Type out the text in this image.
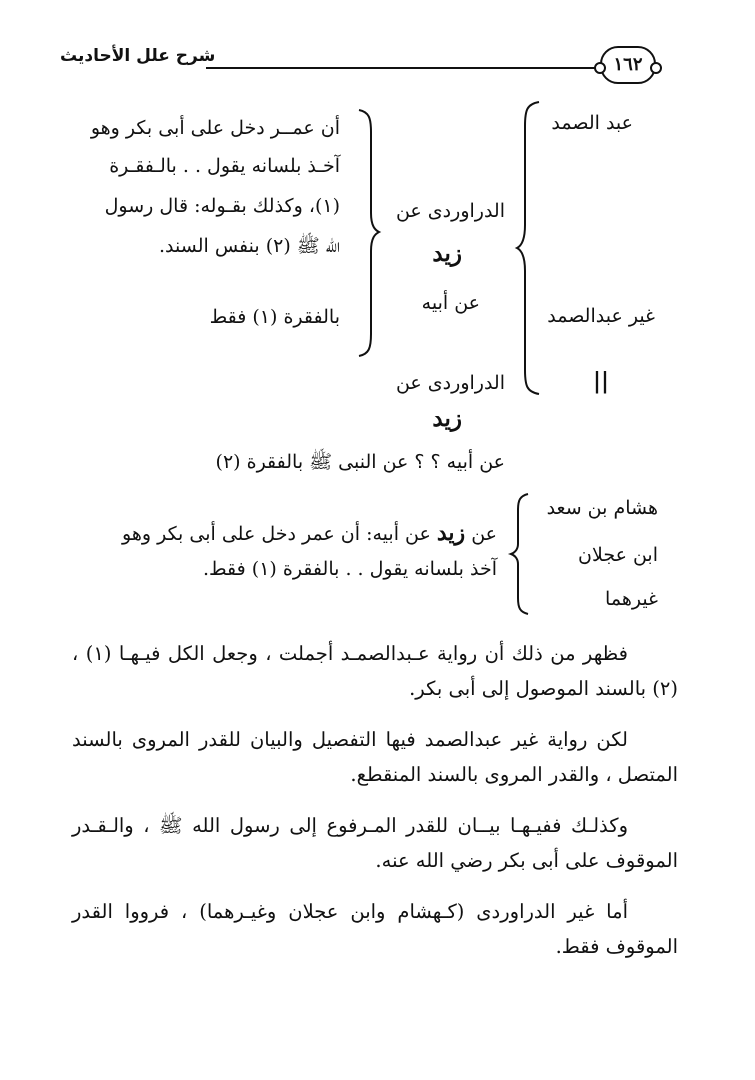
شرح علل الأحاديث	١٦٢
عبد الصمد
غير عبدالصمد
||
الدراوردى عن
زيد
عن أبيه
أن عمــر دخل على أبى بكر وهو
آخـذ بلسانه يقول . . بالـفقـرة
(١)، وكذلك بقـوله: قال رسول
الله ﷺ (٢) بنفس السند.
بالفقرة (١) فقط
الدراوردى عن
زيد
عن أبيه ؟ ؟ عن النبى ﷺ بالفقرة (٢)
هشام بن سعد
ابن عجلان
غيرهما
عن زيد عن أبيه: أن عمر دخل على أبى بكر وهو
آخذ بلسانه يقول . . بالفقرة (١) فقط.

فظهر من ذلك أن رواية عـبدالصمـد أجملت ، وجعل الكل فيـهـا (١) ، (٢) بالسند الموصول إلى أبى بكر.

لكن رواية غير عبدالصمد فيها التفصيل والبيان للقدر المروى بالسند المتصل ، والقدر المروى بالسند المنقطع.

وكذلـك ففيـهـا بيــان للقدر المـرفوع إلى رسول الله ﷺ ، والـقـدر الموقوف على أبى بكر رضي الله عنه.

أما غير الدراوردى (كـهشام وابن عجلان وغيـرهما) ، فرووا القدر الموقوف فقط.
